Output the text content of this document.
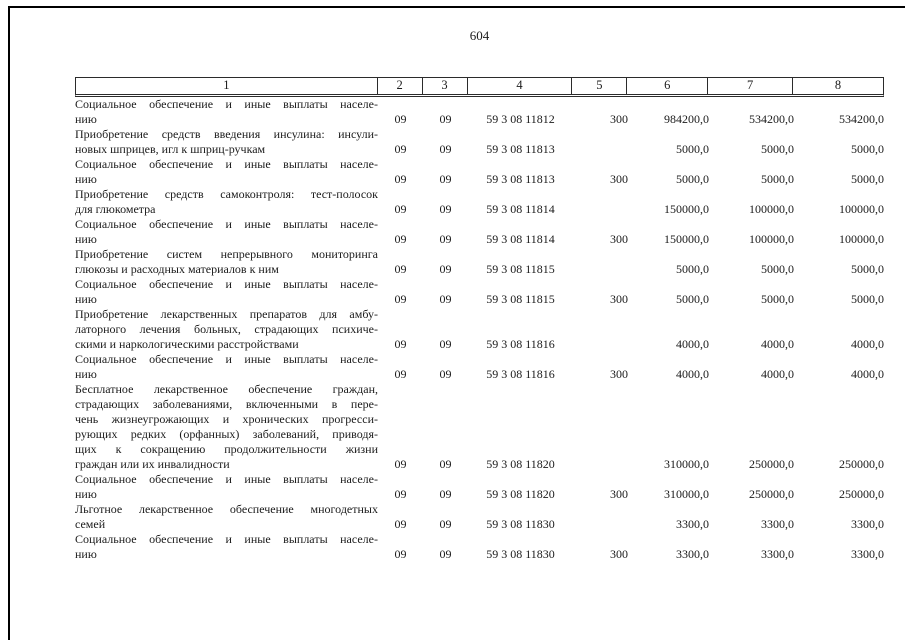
604
1	2	3	4	5	6	7	8
Социальное обеспечение и иные выплаты населе-
нию	09	09	59 3 08 11812	300	984200,0	534200,0	534200,0

Приобретение средств введения инсулина: инсули-
новых шприцев, игл к шприц-ручкам	09	09	59 3 08 11813		5000,0	5000,0	5000,0

Социальное обеспечение и иные выплаты населе-
нию	09	09	59 3 08 11813	300	5000,0	5000,0	5000,0

Приобретение средств самоконтроля: тест-полосок
для глюкометра	09	09	59 3 08 11814		150000,0	100000,0	100000,0

Социальное обеспечение и иные выплаты населе-
нию	09	09	59 3 08 11814	300	150000,0	100000,0	100000,0

Приобретение систем непрерывного мониторинга
глюкозы и расходных материалов к ним	09	09	59 3 08 11815		5000,0	5000,0	5000,0

Социальное обеспечение и иные выплаты населе-
нию	09	09	59 3 08 11815	300	5000,0	5000,0	5000,0

Приобретение лекарственных препаратов для амбу-
латорного лечения больных, страдающих психиче-
скими и наркологическими расстройствами	09	09	59 3 08 11816		4000,0	4000,0	4000,0

Социальное обеспечение и иные выплаты населе-
нию	09	09	59 3 08 11816	300	4000,0	4000,0	4000,0

Бесплатное лекарственное обеспечение граждан,
страдающих заболеваниями, включенными в пере-
чень жизнеугрожающих и хронических прогресси-
рующих редких (орфанных) заболеваний, приводя-
щих к сокращению продолжительности жизни
граждан или их инвалидности	09	09	59 3 08 11820		310000,0	250000,0	250000,0

Социальное обеспечение и иные выплаты населе-
нию	09	09	59 3 08 11820	300	310000,0	250000,0	250000,0

Льготное лекарственное обеспечение многодетных
семей	09	09	59 3 08 11830		3300,0	3300,0	3300,0

Социальное обеспечение и иные выплаты населе-
нию	09	09	59 3 08 11830	300	3300,0	3300,0	3300,0
